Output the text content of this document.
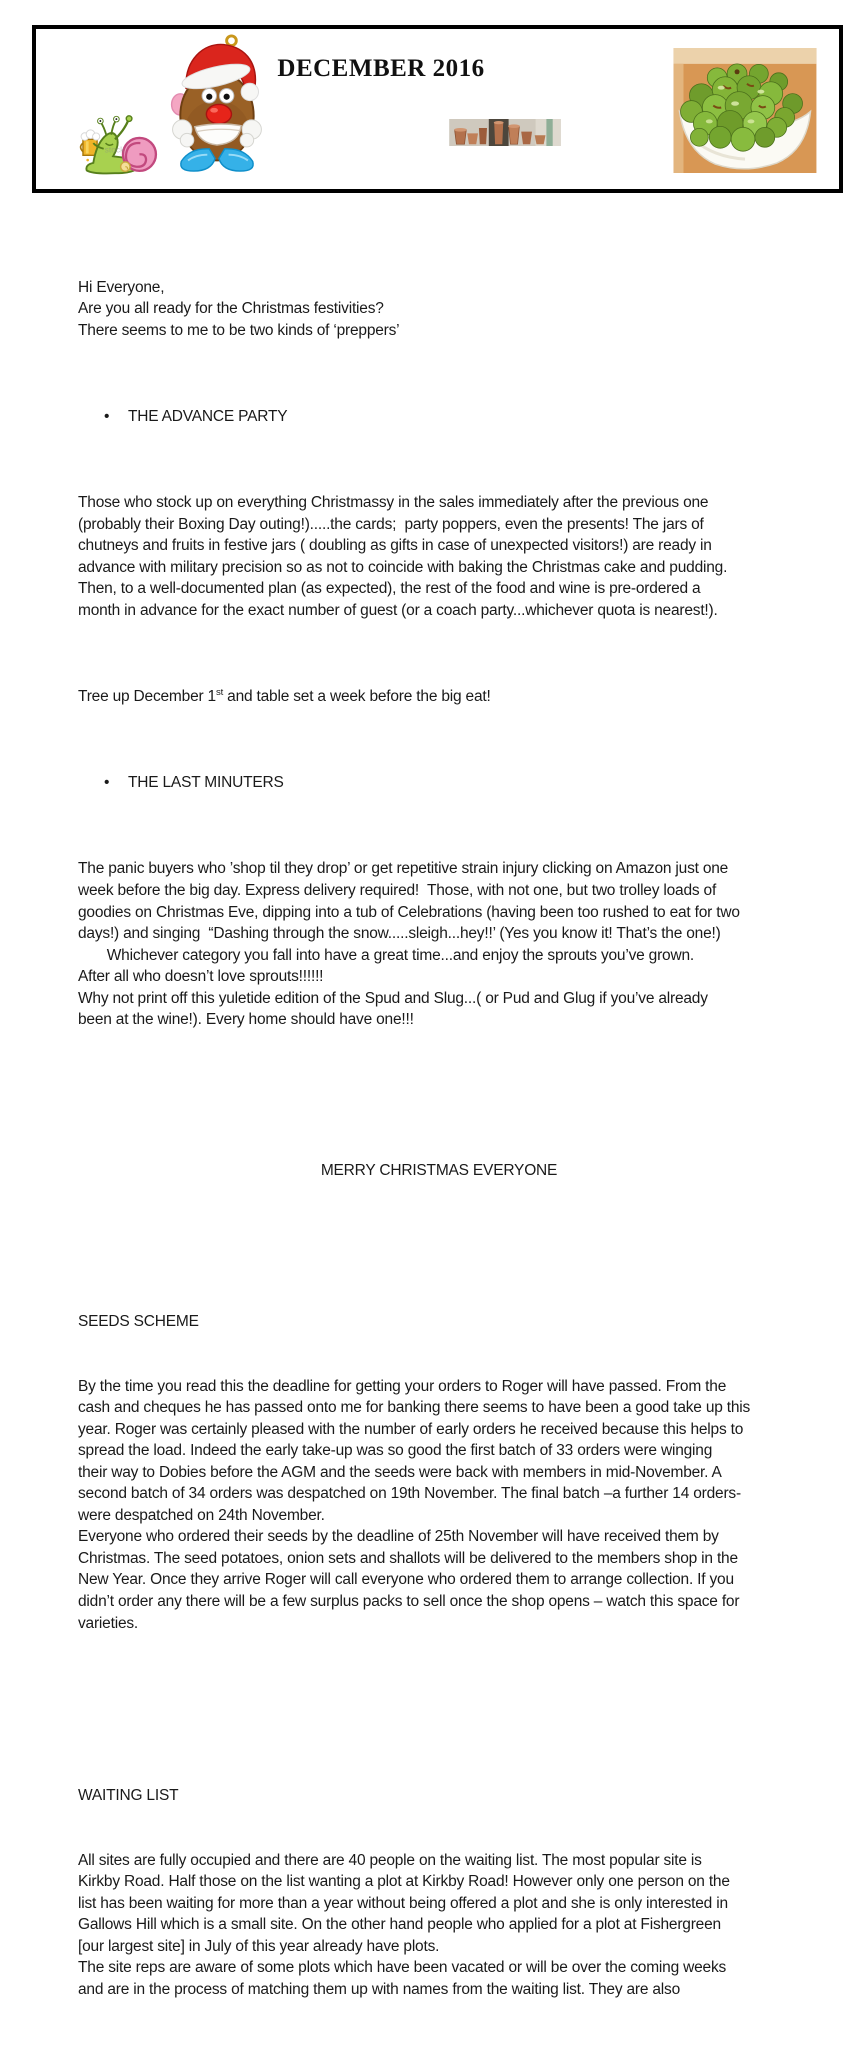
DECEMBER 2016
stock.

Hi Everyone,
Are you all ready for the Christmas festivities?
There seems to me to be two kinds of ‘preppers’

•	THE ADVANCE PARTY

Those who stock up on everything Christmassy in the sales immediately after the previous one
(probably their Boxing Day outing!).....the cards;  party poppers, even the presents! The jars of
chutneys and fruits in festive jars ( doubling as gifts in case of unexpected visitors!) are ready in
advance with military precision so as not to coincide with baking the Christmas cake and pudding.
Then, to a well-documented plan (as expected), the rest of the food and wine is pre-ordered a
month in advance for the exact number of guest (or a coach party...whichever quota is nearest!).

Tree up December 1st and table set a week before the big eat!

•	THE LAST MINUTERS

The panic buyers who ’shop til they drop’ or get repetitive strain injury clicking on Amazon just one
week before the big day. Express delivery required!  Those, with not one, but two trolley loads of
goodies on Christmas Eve, dipping into a tub of Celebrations (having been too rushed to eat for two
days!) and singing  “Dashing through the snow.....sleigh...hey!!’ (Yes you know it! That’s the one!)
Whichever category you fall into have a great time...and enjoy the sprouts you’ve grown.
After all who doesn’t love sprouts!!!!!!
Why not print off this yuletide edition of the Spud and Slug...( or Pud and Glug if you’ve already
been at the wine!). Every home should have one!!!

MERRY CHRISTMAS EVERYONE

SEEDS SCHEME

By the time you read this the deadline for getting your orders to Roger will have passed. From the
cash and cheques he has passed onto me for banking there seems to have been a good take up this
year. Roger was certainly pleased with the number of early orders he received because this helps to
spread the load. Indeed the early take-up was so good the first batch of 33 orders were winging
their way to Dobies before the AGM and the seeds were back with members in mid-November. A
second batch of 34 orders was despatched on 19th November. The final batch –a further 14 orders-
were despatched on 24th November.
Everyone who ordered their seeds by the deadline of 25th November will have received them by
Christmas. The seed potatoes, onion sets and shallots will be delivered to the members shop in the
New Year. Once they arrive Roger will call everyone who ordered them to arrange collection. If you
didn’t order any there will be a few surplus packs to sell once the shop opens – watch this space for
varieties.

WAITING LIST

All sites are fully occupied and there are 40 people on the waiting list. The most popular site is
Kirkby Road. Half those on the list wanting a plot at Kirkby Road! However only one person on the
list has been waiting for more than a year without being offered a plot and she is only interested in
Gallows Hill which is a small site. On the other hand people who applied for a plot at Fishergreen
[our largest site] in July of this year already have plots.
The site reps are aware of some plots which have been vacated or will be over the coming weeks
and are in the process of matching them up with names from the waiting list. They are also
